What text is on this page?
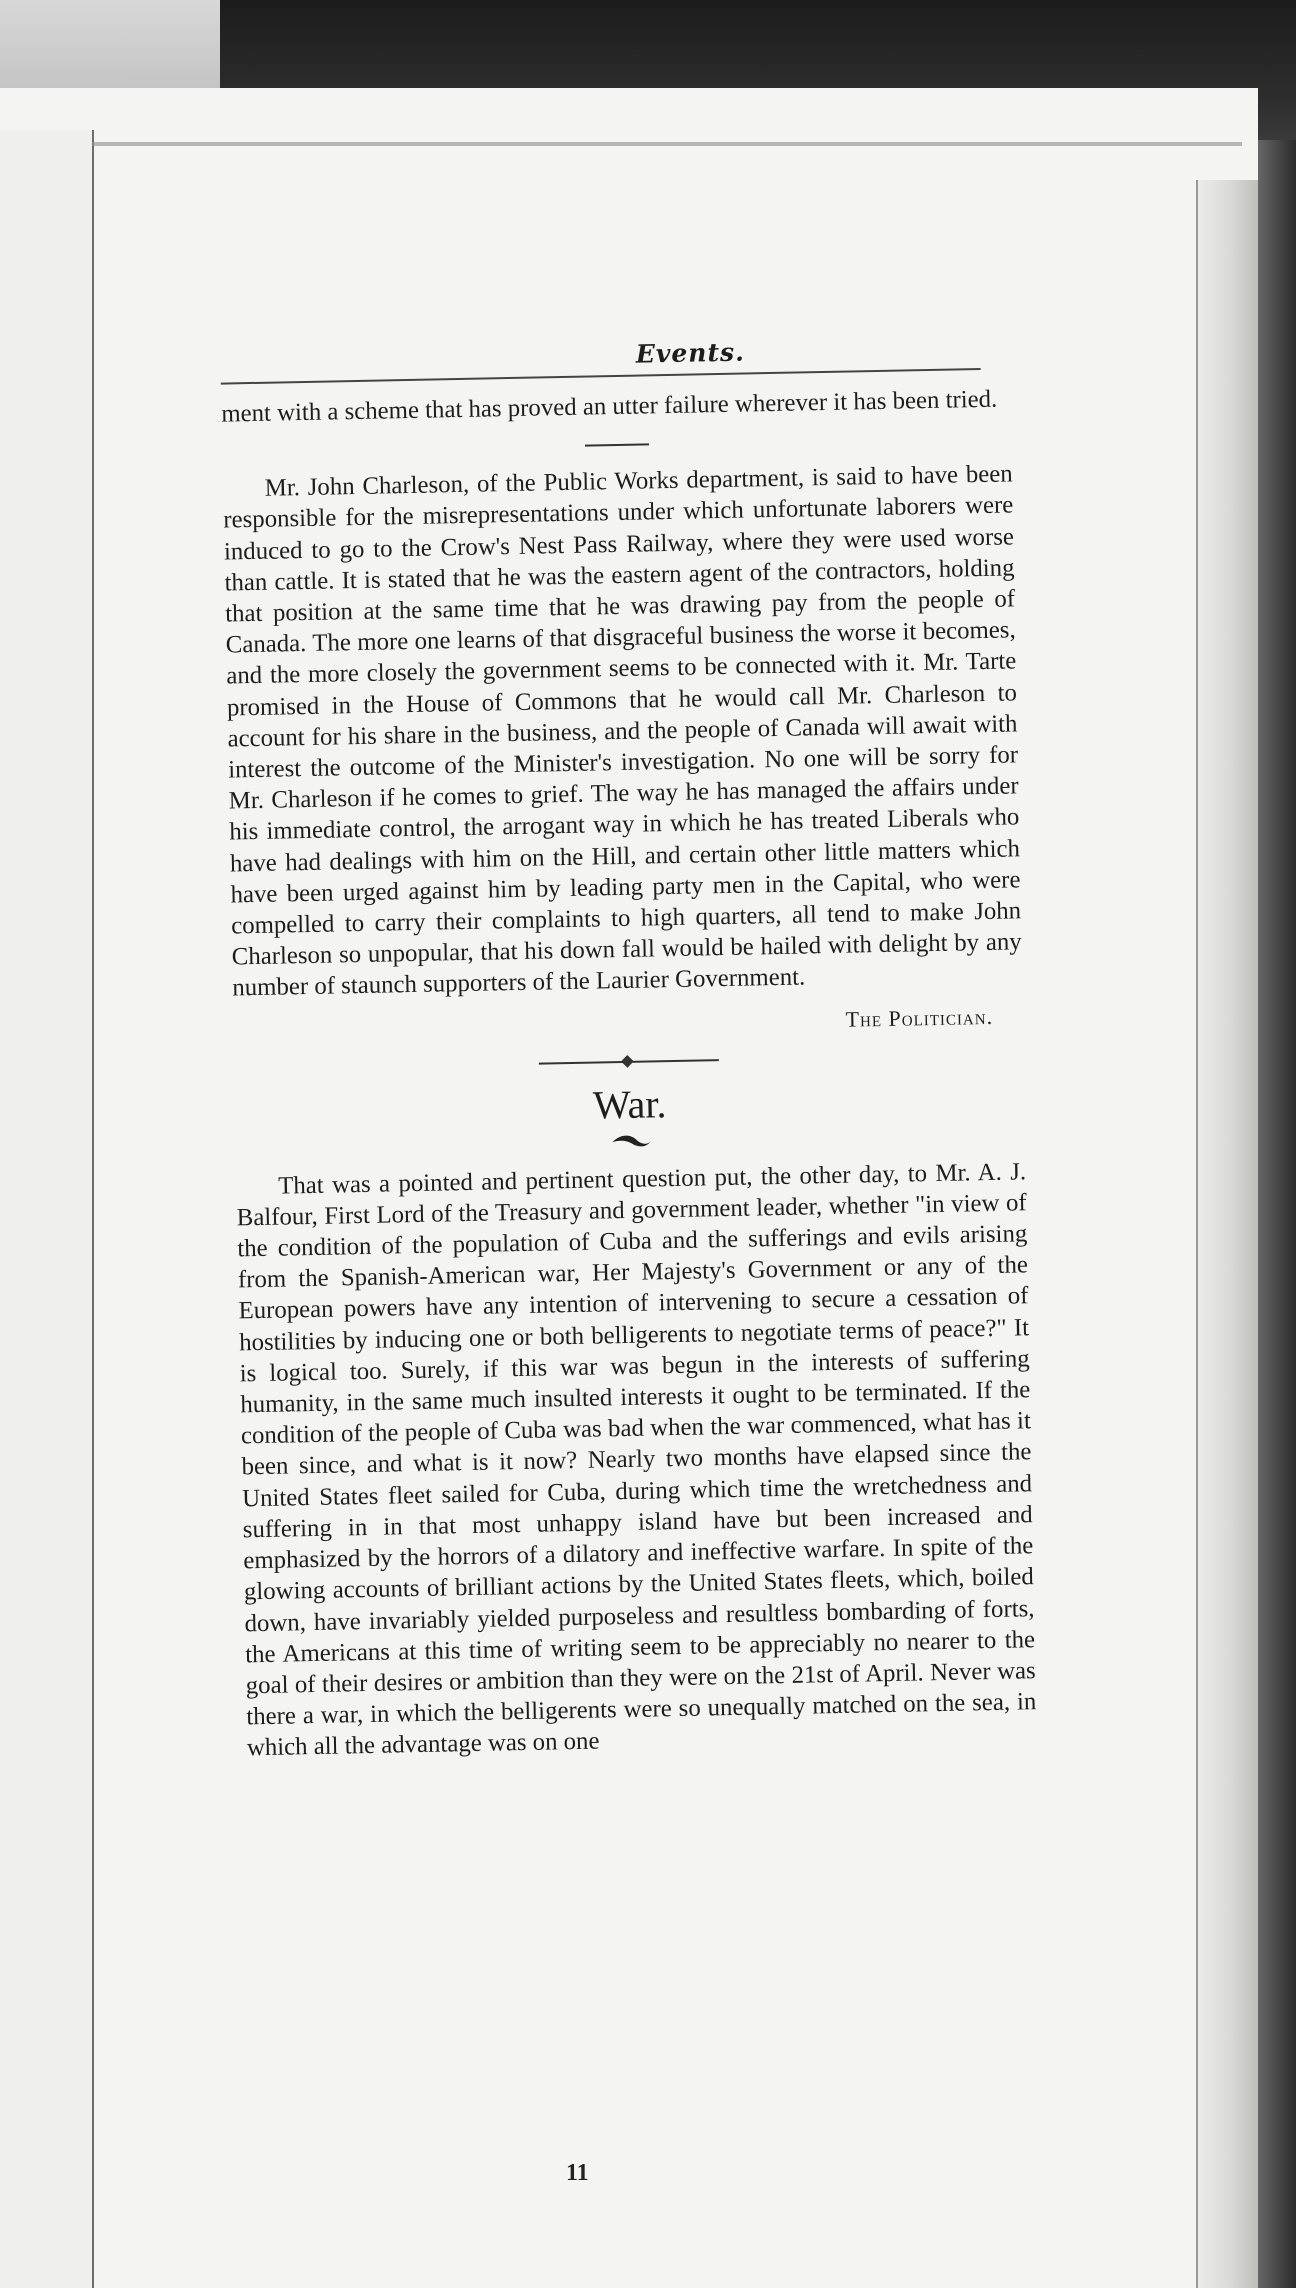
Events.

ment with a scheme that has proved an utter failure wherever it has been tried.

Mr. John Charleson, of the Public Works department, is said to have been responsible for the misrepresentations under which unfortunate laborers were induced to go to the Crow's Nest Pass Railway, where they were used worse than cattle. It is stated that he was the eastern agent of the contractors, holding that position at the same time that he was drawing pay from the people of Canada. The more one learns of that disgraceful business the worse it becomes, and the more closely the government seems to be connected with it. Mr. Tarte promised in the House of Commons that he would call Mr. Charleson to account for his share in the business, and the people of Canada will await with interest the outcome of the Minister's investigation. No one will be sorry for Mr. Charleson if he comes to grief. The way he has managed the affairs under his immediate control, the arrogant way in which he has treated Liberals who have had dealings with him on the Hill, and certain other little matters which have been urged against him by leading party men in the Capital, who were compelled to carry their complaints to high quarters, all tend to make John Charleson so unpopular, that his down fall would be hailed with delight by any number of staunch supporters of the Laurier Government.

The Politician.
War.

That was a pointed and pertinent question put, the other day, to Mr. A. J. Balfour, First Lord of the Treasury and government leader, whether "in view of the condition of the population of Cuba and the sufferings and evils arising from the Spanish-American war, Her Majesty's Government or any of the European powers have any intention of intervening to secure a cessation of hostilities by inducing one or both belligerents to negotiate terms of peace?" It is logical too. Surely, if this war was begun in the interests of suffering humanity, in the same much insulted interests it ought to be terminated. If the condition of the people of Cuba was bad when the war commenced, what has it been since, and what is it now? Nearly two months have elapsed since the United States fleet sailed for Cuba, during which time the wretchedness and suffering in in that most unhappy island have but been increased and emphasized by the horrors of a dilatory and ineffective warfare. In spite of the glowing accounts of brilliant actions by the United States fleets, which, boiled down, have invariably yielded purposeless and resultless bombarding of forts, the Americans at this time of writing seem to be appreciably no nearer to the goal of their desires or ambition than they were on the 21st of April. Never was there a war, in which the belligerents were so unequally matched on the sea, in which all the advantage was on one

11
